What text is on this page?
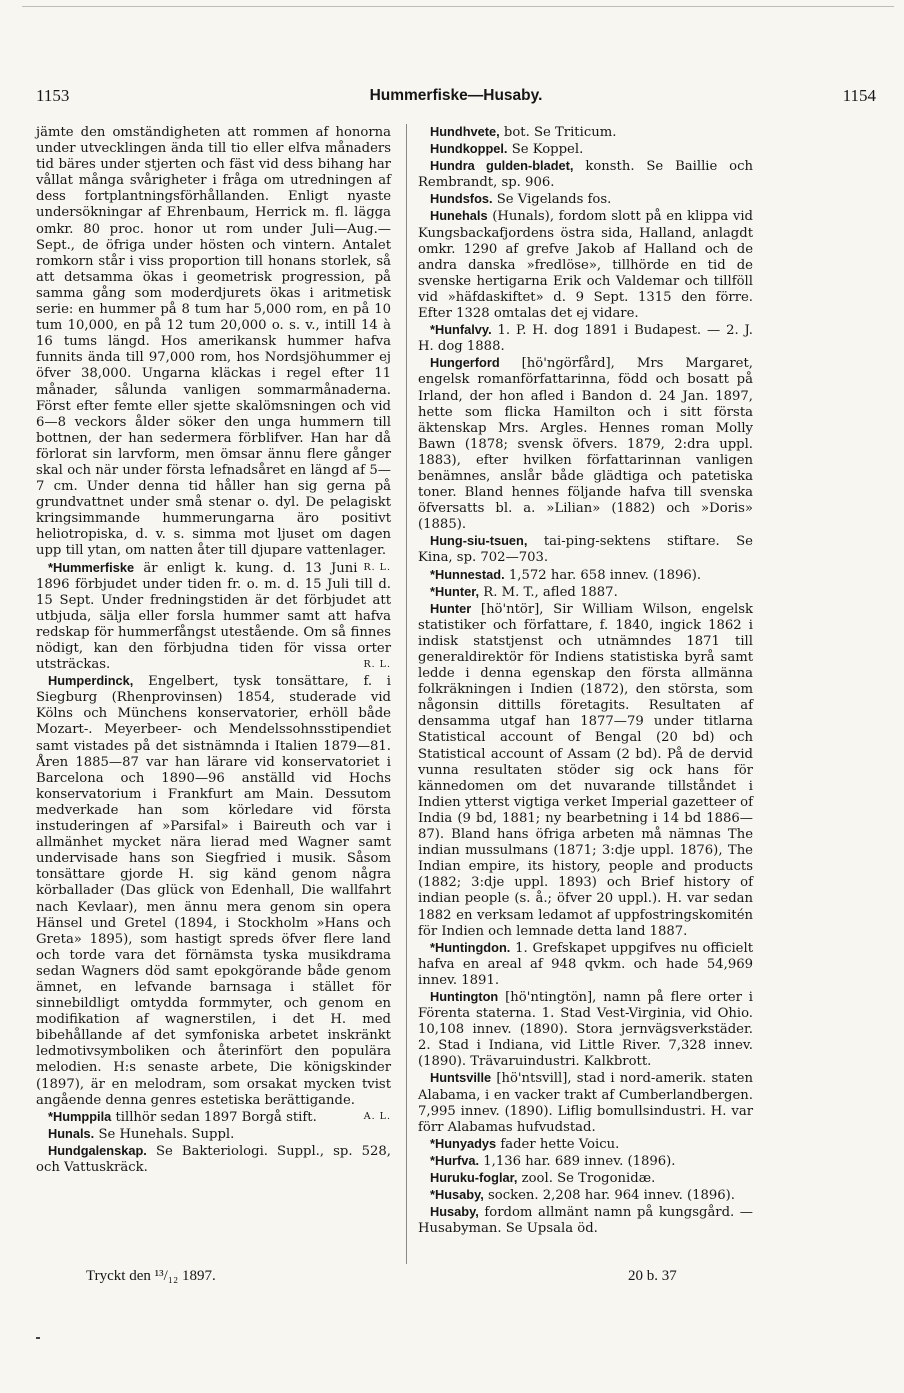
1153	Hummerfiske—Husaby.	1154

jämte den omständigheten att rommen af honorna under utvecklingen ända till tio eller elfva månaders tid bäres under stjerten och fäst vid dess bihang har vållat många svårigheter i fråga om utredningen af dess fortplantningsförhållanden. Enligt nyaste undersökningar af Ehrenbaum, Herrick m. fl. lägga omkr. 80 proc. honor ut rom under Juli—Aug.—Sept., de öfriga under hösten och vintern. Antalet romkorn står i viss proportion till honans storlek, så att detsamma ökas i geometrisk progression, på samma gång som moderdjurets ökas i aritmetisk serie: en hummer på 8 tum har 5,000 rom, en på 10 tum 10,000, en på 12 tum 20,000 o. s. v., intill 14 à 16 tums längd. Hos amerikansk hummer hafva funnits ända till 97,000 rom, hos Nordsjöhummer ej öfver 38,000. Ungarna kläckas i regel efter 11 månader, sålunda vanligen sommarmånaderna. Först efter femte eller sjette skalömsningen och vid 6—8 veckors ålder söker den unga hummern till bottnen, der han sedermera förblifver. Han har då förlorat sin larvform, men ömsar ännu flere gånger skal och när under första lefnadsåret en längd af 5—7 cm. Under denna tid håller han sig gerna på grundvattnet under små stenar o. dyl. De pelagiskt kringsimmande hummerungarna äro positivt heliotropiska, d. v. s. simma mot ljuset om dagen upp till ytan, om natten åter till djupare vattenlager.
R. L.

*Hummerfiske är enligt k. kung. d. 13 Juni 1896 förbjudet under tiden fr. o. m. d. 15 Juli till d. 15 Sept. Under fredningstiden är det förbjudet att utbjuda, sälja eller forsla hummer samt att hafva redskap för hummerfångst utestående. Om så finnes nödigt, kan den förbjudna tiden för vissa orter utsträckas.	R. L.

Humperdinck, Engelbert, tysk tonsättare, f. i Siegburg (Rhenprovinsen) 1854, studerade vid Kölns och Münchens konservatorier, erhöll både Mozart-. Meyerbeer- och Mendelssohnsstipendiet samt vistades på det sistnämnda i Italien 1879—81. Åren 1885—87 var han lärare vid konservatoriet i Barcelona och 1890—96 anställd vid Hochs konservatorium i Frankfurt am Main. Dessutom medverkade han som körledare vid första instuderingen af »Parsifal» i Baireuth och var i allmänhet mycket nära lierad med Wagner samt undervisade hans son Siegfried i musik. Såsom tonsättare gjorde H. sig känd genom några körballader (Das glück von Edenhall, Die wallfahrt nach Kevlaar), men ännu mera genom sin opera Hänsel und Gretel (1894, i Stockholm »Hans och Greta» 1895), som hastigt spreds öfver flere land och torde vara det förnämsta tyska musikdrama sedan Wagners död samt epokgörande både genom ämnet, en lefvande barnsaga i stället för sinnebildligt omtydda formmyter, och genom en modifikation af wagnerstilen, i det H. med bibehållande af det symfoniska arbetet inskränkt ledmotivsymboliken och återinfört den populära melodien. H:s senaste arbete, Die königskinder (1897), är en melodram, som orsakat mycken tvist angående denna genres estetiska berättigande.
A. L.

*Humppila tillhör sedan 1897 Borgå stift.

Hunals. Se Hunehals. Suppl.

Hundgalenskap. Se Bakteriologi. Suppl., sp. 528, och Vattuskräck.

Hundhvete, bot. Se Triticum.

Hundkoppel. Se Koppel.

Hundra gulden-bladet, konsth. Se Baillie och Rembrandt, sp. 906.

Hundsfos. Se Vigelands fos.

Hunehals (Hunals), fordom slott på en klippa vid Kungsbackafjordens östra sida, Halland, anlagdt omkr. 1290 af grefve Jakob af Halland och de andra danska »fredlöse», tillhörde en tid de svenske hertigarna Erik och Valdemar och tillföll vid »häfdaskiftet» d. 9 Sept. 1315 den förre. Efter 1328 omtalas det ej vidare.

*Hunfalvy. 1. P. H. dog 1891 i Budapest. — 2. J. H. dog 1888.

Hungerford [hö'ngörfård], Mrs Margaret, engelsk romanförfattarinna, född och bosatt på Irland, der hon afled i Bandon d. 24 Jan. 1897, hette som flicka Hamilton och i sitt första äktenskap Mrs. Argles. Hennes roman Molly Bawn (1878; svensk öfvers. 1879, 2:dra uppl. 1883), efter hvilken författarinnan vanligen benämnes, anslår både glädtiga och patetiska toner. Bland hennes följande hafva till svenska öfversatts bl. a. »Lilian» (1882) och »Doris» (1885).

Hung-siu-tsuen, tai-ping-sektens stiftare. Se Kina, sp. 702—703.

*Hunnestad. 1,572 har. 658 innev. (1896).

*Hunter, R. M. T., afled 1887.

Hunter [hö'ntör], Sir William Wilson, engelsk statistiker och författare, f. 1840, ingick 1862 i indisk statstjenst och utnämndes 1871 till generaldirektör för Indiens statistiska byrå samt ledde i denna egenskap den första allmänna folkräkningen i Indien (1872), den största, som någonsin dittills företagits. Resultaten af densamma utgaf han 1877—79 under titlarna Statistical account of Bengal (20 bd) och Statistical account of Assam (2 bd). På de dervid vunna resultaten stöder sig ock hans för kännedomen om det nuvarande tillståndet i Indien ytterst vigtiga verket Imperial gazetteer of India (9 bd, 1881; ny bearbetning i 14 bd 1886—87). Bland hans öfriga arbeten må nämnas The indian mussulmans (1871; 3:dje uppl. 1876), The Indian empire, its history, people and products (1882; 3:dje uppl. 1893) och Brief history of indian people (s. å.; öfver 20 uppl.). H. var sedan 1882 en verksam ledamot af uppfostringskomitén för Indien och lemnade detta land 1887.

*Huntingdon. 1. Grefskapet uppgifves nu officielt hafva en areal af 948 qvkm. och hade 54,969 innev. 1891.

Huntington [hö'ntingtön], namn på flere orter i Förenta staterna. 1. Stad Vest-Virginia, vid Ohio. 10,108 innev. (1890). Stora jernvägsverkstäder. 2. Stad i Indiana, vid Little River. 7,328 innev. (1890). Trävaruindustri. Kalkbrott.

Huntsville [hö'ntsvill], stad i nord-amerik. staten Alabama, i en vacker trakt af Cumberlandbergen. 7,995 innev. (1890). Liflig bomullsindustri. H. var förr Alabamas hufvudstad.

*Hunyadys fader hette Voicu.

*Hurfva. 1,136 har. 689 innev. (1896).

Huruku-foglar, zool. Se Trogonidæ.

*Husaby, socken. 2,208 har. 964 innev. (1896).

Husaby, fordom allmänt namn på kungsgård. — Husabyman. Se Upsala öd.

Tryckt den ¹³/₁₂ 1897.	20 b. 37
